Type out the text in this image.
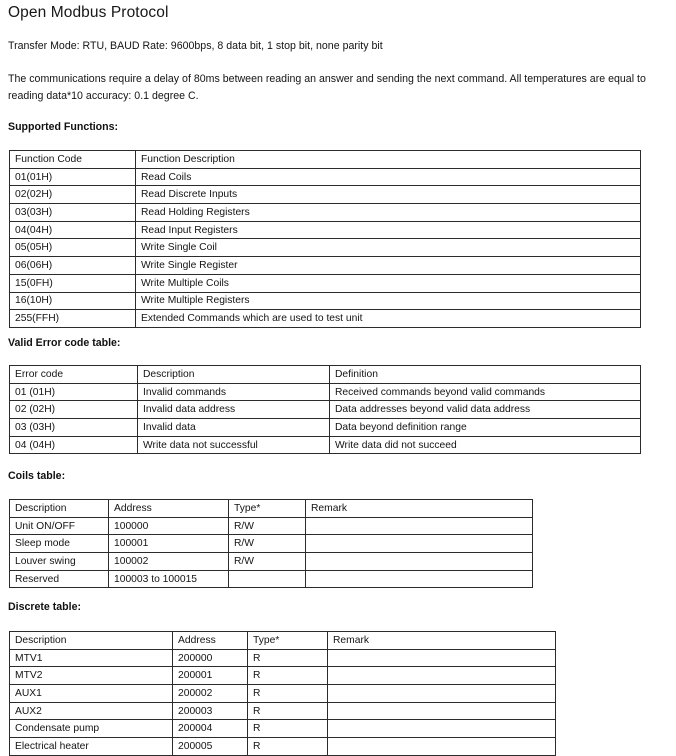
Open Modbus Protocol
Transfer Mode: RTU, BAUD Rate: 9600bps, 8 data bit, 1 stop bit, none parity bit
The communications require a delay of 80ms between reading an answer and sending the next command. All temperatures are equal to reading data*10 accuracy: 0.1 degree C.
Supported Functions:
Function Code	Function Description
01(01H)	Read Coils
02(02H)	Read Discrete Inputs
03(03H)	Read Holding Registers
04(04H)	Read Input Registers
05(05H)	Write Single Coil
06(06H)	Write Single Register
15(0FH)	Write Multiple Coils
16(10H)	Write Multiple Registers
255(FFH)	Extended Commands which are used to test unit
Valid Error code table:
Error code	Description	Definition
01 (01H)	Invalid commands	Received commands beyond valid commands
02 (02H)	Invalid data address	Data addresses beyond valid data address
03 (03H)	Invalid data	Data beyond definition range
04 (04H)	Write data not successful	Write data did not succeed
Coils table:
Description	Address	Type*	Remark
Unit ON/OFF	100000	R/W	
Sleep mode	100001	R/W	
Louver swing	100002	R/W	
Reserved	100003 to 100015		
Discrete table:
Description	Address	Type*	Remark
MTV1	200000	R	
MTV2	200001	R	
AUX1	200002	R	
AUX2	200003	R	
Condensate pump	200004	R	
Electrical heater	200005	R	
